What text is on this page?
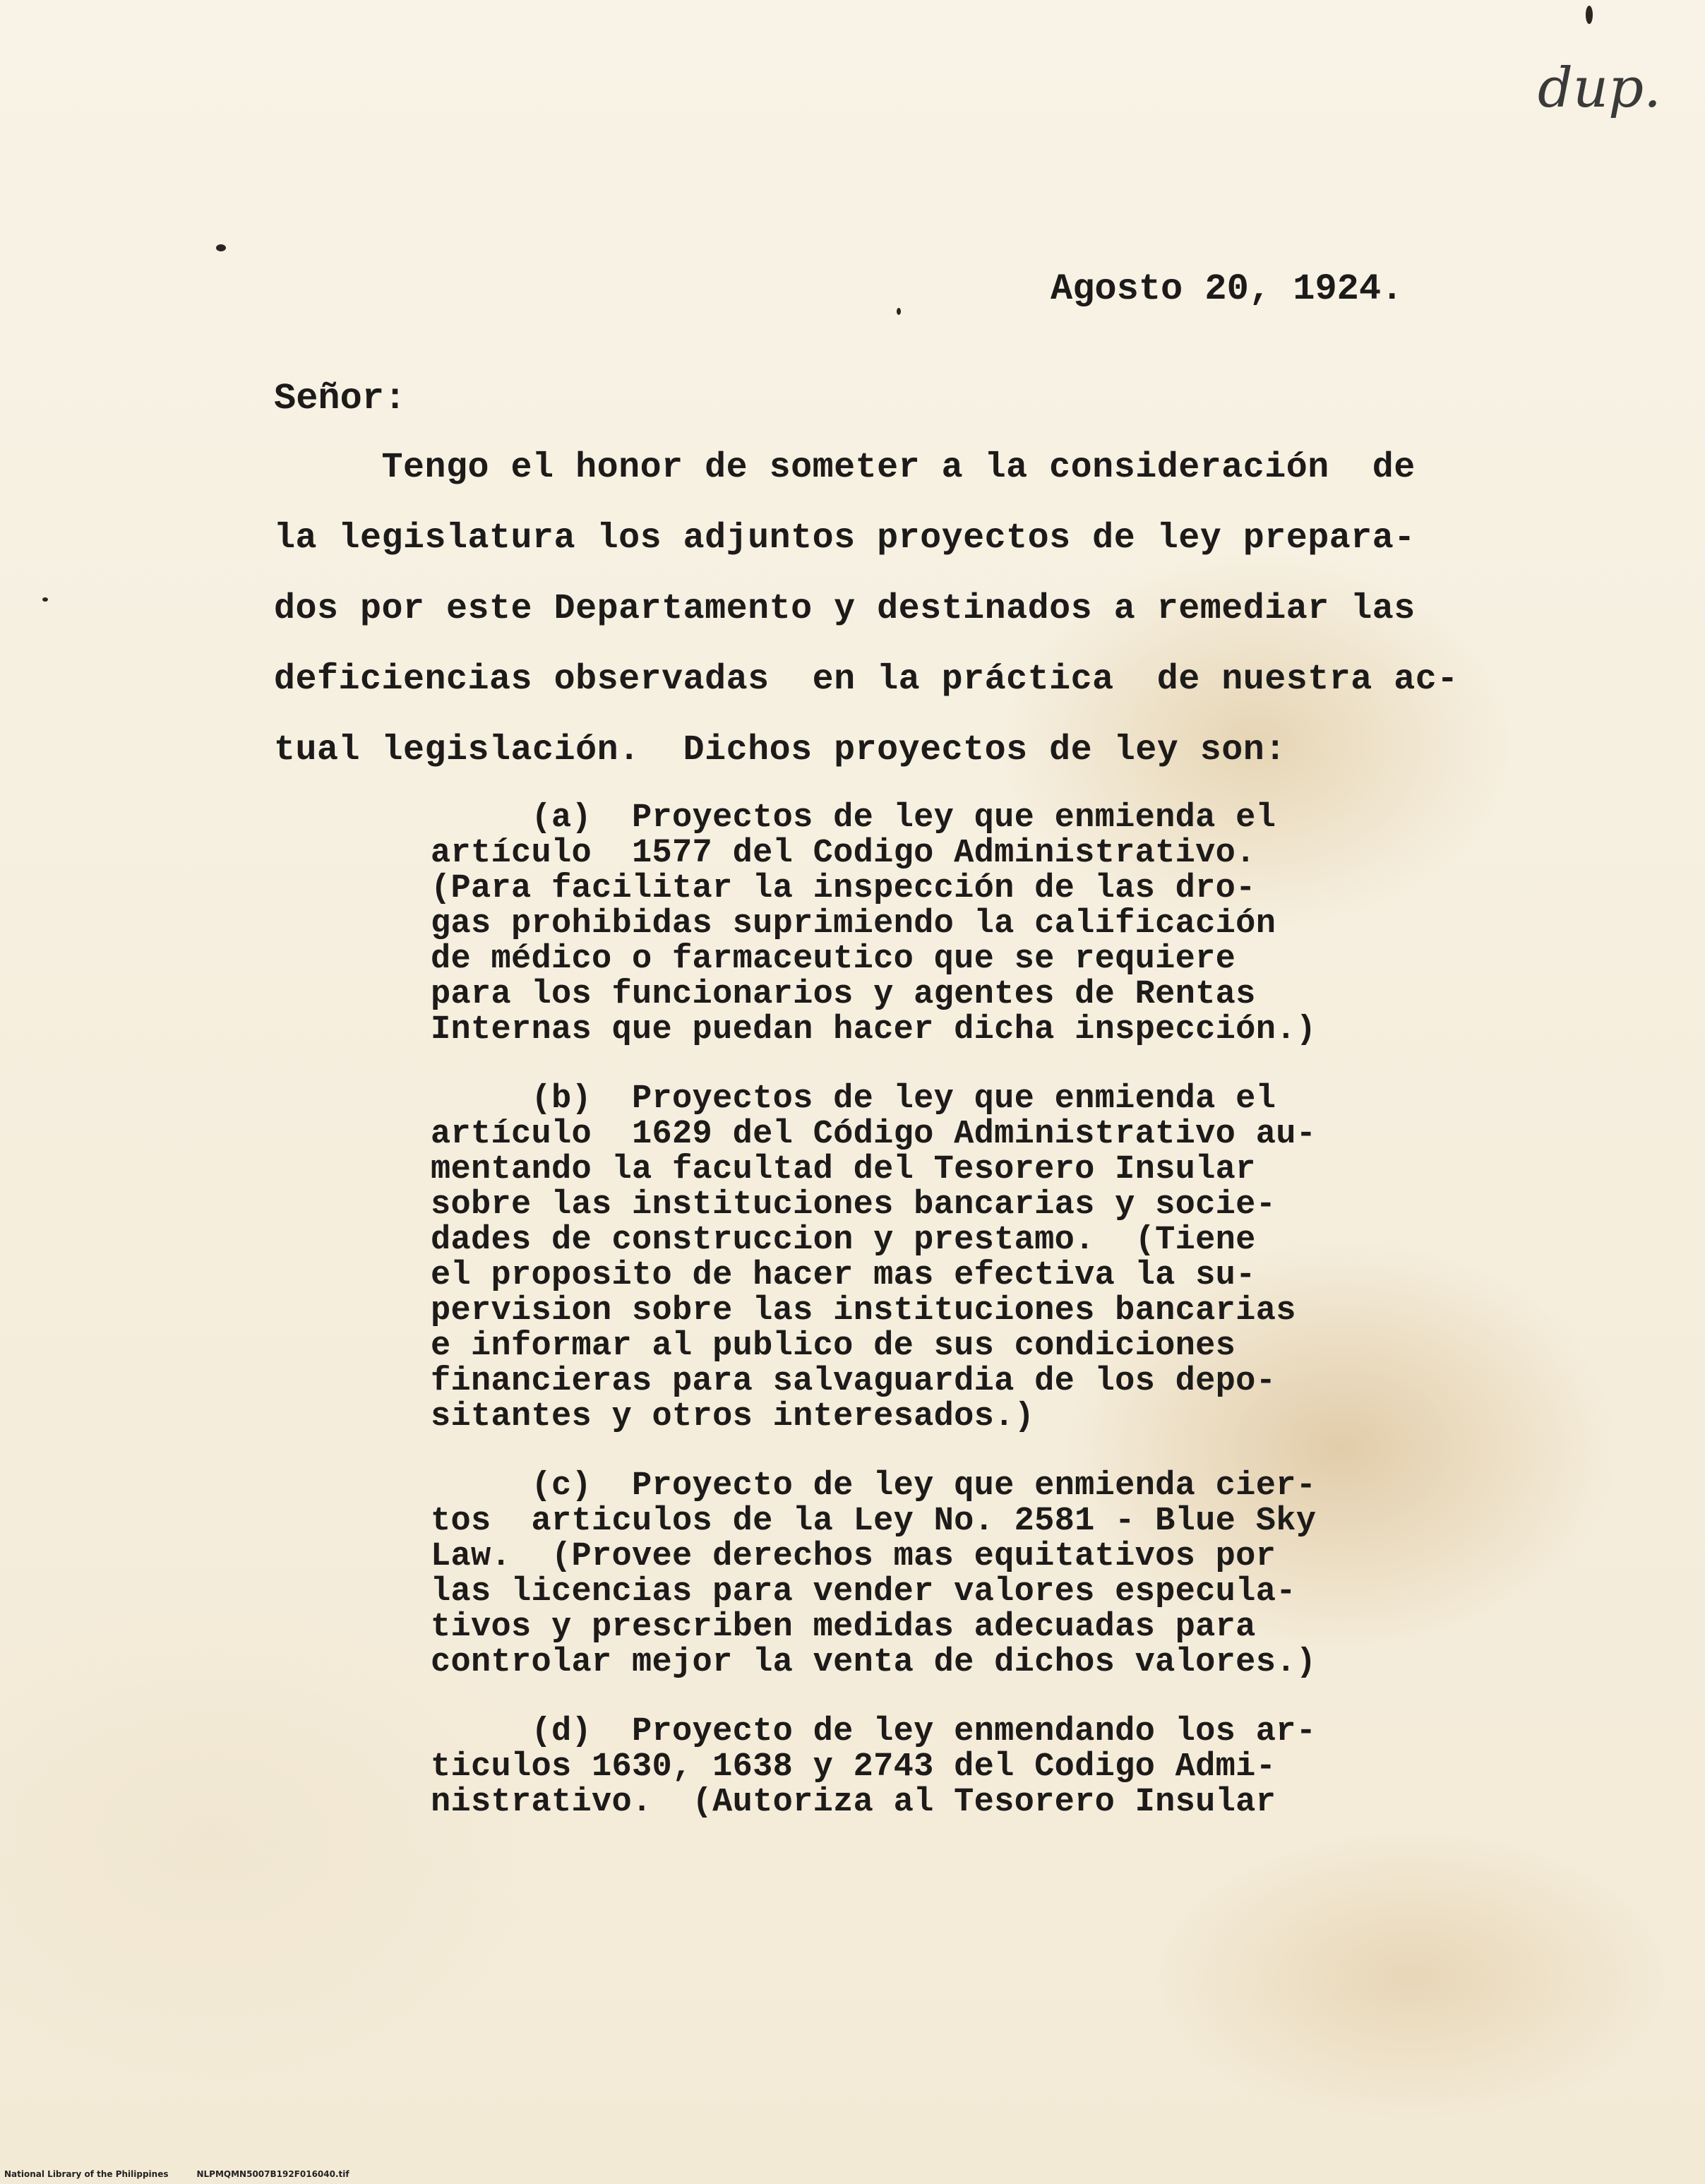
dup.
Agosto 20, 1924.
Señor:
Tengo el honor de someter a la consideración  de
la legislatura los adjuntos proyectos de ley prepara-
dos por este Departamento y destinados a remediar las
deficiencias observadas  en la práctica  de nuestra ac-
tual legislación.  Dichos proyectos de ley son:
(a)  Proyectos de ley que enmienda el
artículo  1577 del Codigo Administrativo.
(Para facilitar la inspección de las dro-
gas prohibidas suprimiendo la calificación
de médico o farmaceutico que se requiere
para los funcionarios y agentes de Rentas
Internas que puedan hacer dicha inspección.)
(b)  Proyectos de ley que enmienda el
artículo  1629 del Código Administrativo au-
mentando la facultad del Tesorero Insular
sobre las instituciones bancarias y socie-
dades de construccion y prestamo.  (Tiene
el proposito de hacer mas efectiva la su-
pervision sobre las instituciones bancarias
e informar al publico de sus condiciones
financieras para salvaguardia de los depo-
sitantes y otros interesados.)
(c)  Proyecto de ley que enmienda cier-
tos  articulos de la Ley No. 2581 - Blue Sky
Law.  (Provee derechos mas equitativos por
las licencias para vender valores especula-
tivos y prescriben medidas adecuadas para
controlar mejor la venta de dichos valores.)
(d)  Proyecto de ley enmendando los ar-
ticulos 1630, 1638 y 2743 del Codigo Admi-
nistrativo.  (Autoriza al Tesorero Insular
National Library of the Philippines	NLPMQMN5007B192F016040.tif
